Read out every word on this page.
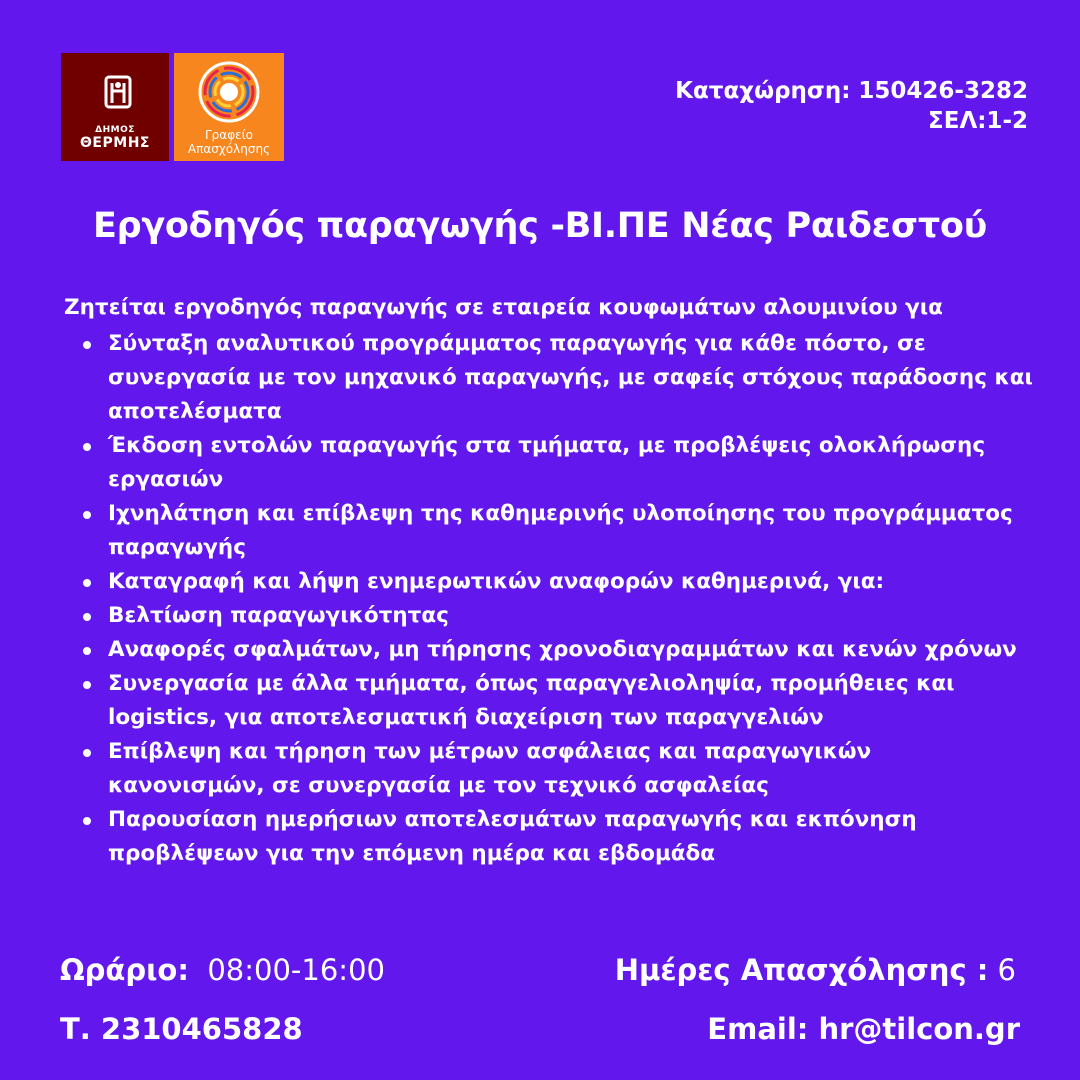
ΔΗΜΟΣ
ΘΕΡΜΗΣ	Γραφείο
Απασχόλησης
Καταχώρηση: 150426-3282
ΣΕΛ:1-2
Εργοδηγός παραγωγής -ΒΙ.ΠΕ Νέας Ραιδεστού
Ζητείται εργοδηγός παραγωγής σε εταιρεία κουφωμάτων αλουμινίου για
Σύνταξη αναλυτικού προγράμματος παραγωγής για κάθε πόστο, σε συνεργασία με τον μηχανικό παραγωγής, με σαφείς στόχους παράδοσης και αποτελέσματα
Έκδοση εντολών παραγωγής στα τμήματα, με προβλέψεις ολοκλήρωσης εργασιών
Ιχνηλάτηση και επίβλεψη της καθημερινής υλοποίησης του προγράμματος παραγωγής
Καταγραφή και λήψη ενημερωτικών αναφορών καθημερινά, για:
Βελτίωση παραγωγικότητας
Αναφορές σφαλμάτων, μη τήρησης χρονοδιαγραμμάτων και κενών χρόνων
Συνεργασία με άλλα τμήματα, όπως παραγγελιοληψία, προμήθειες και logistics, για αποτελεσματική διαχείριση των παραγγελιών
Επίβλεψη και τήρηση των μέτρων ασφάλειας και παραγωγικών κανονισμών, σε συνεργασία με τον τεχνικό ασφαλείας
Παρουσίαση ημερήσιων αποτελεσμάτων παραγωγής και εκπόνηση προβλέψεων για την επόμενη ημέρα και εβδομάδα
Ωράριο: 08:00-16:00	Ημέρες Απασχόλησης : 6
Τ. 2310465828	Email: hr@tilcon.gr
